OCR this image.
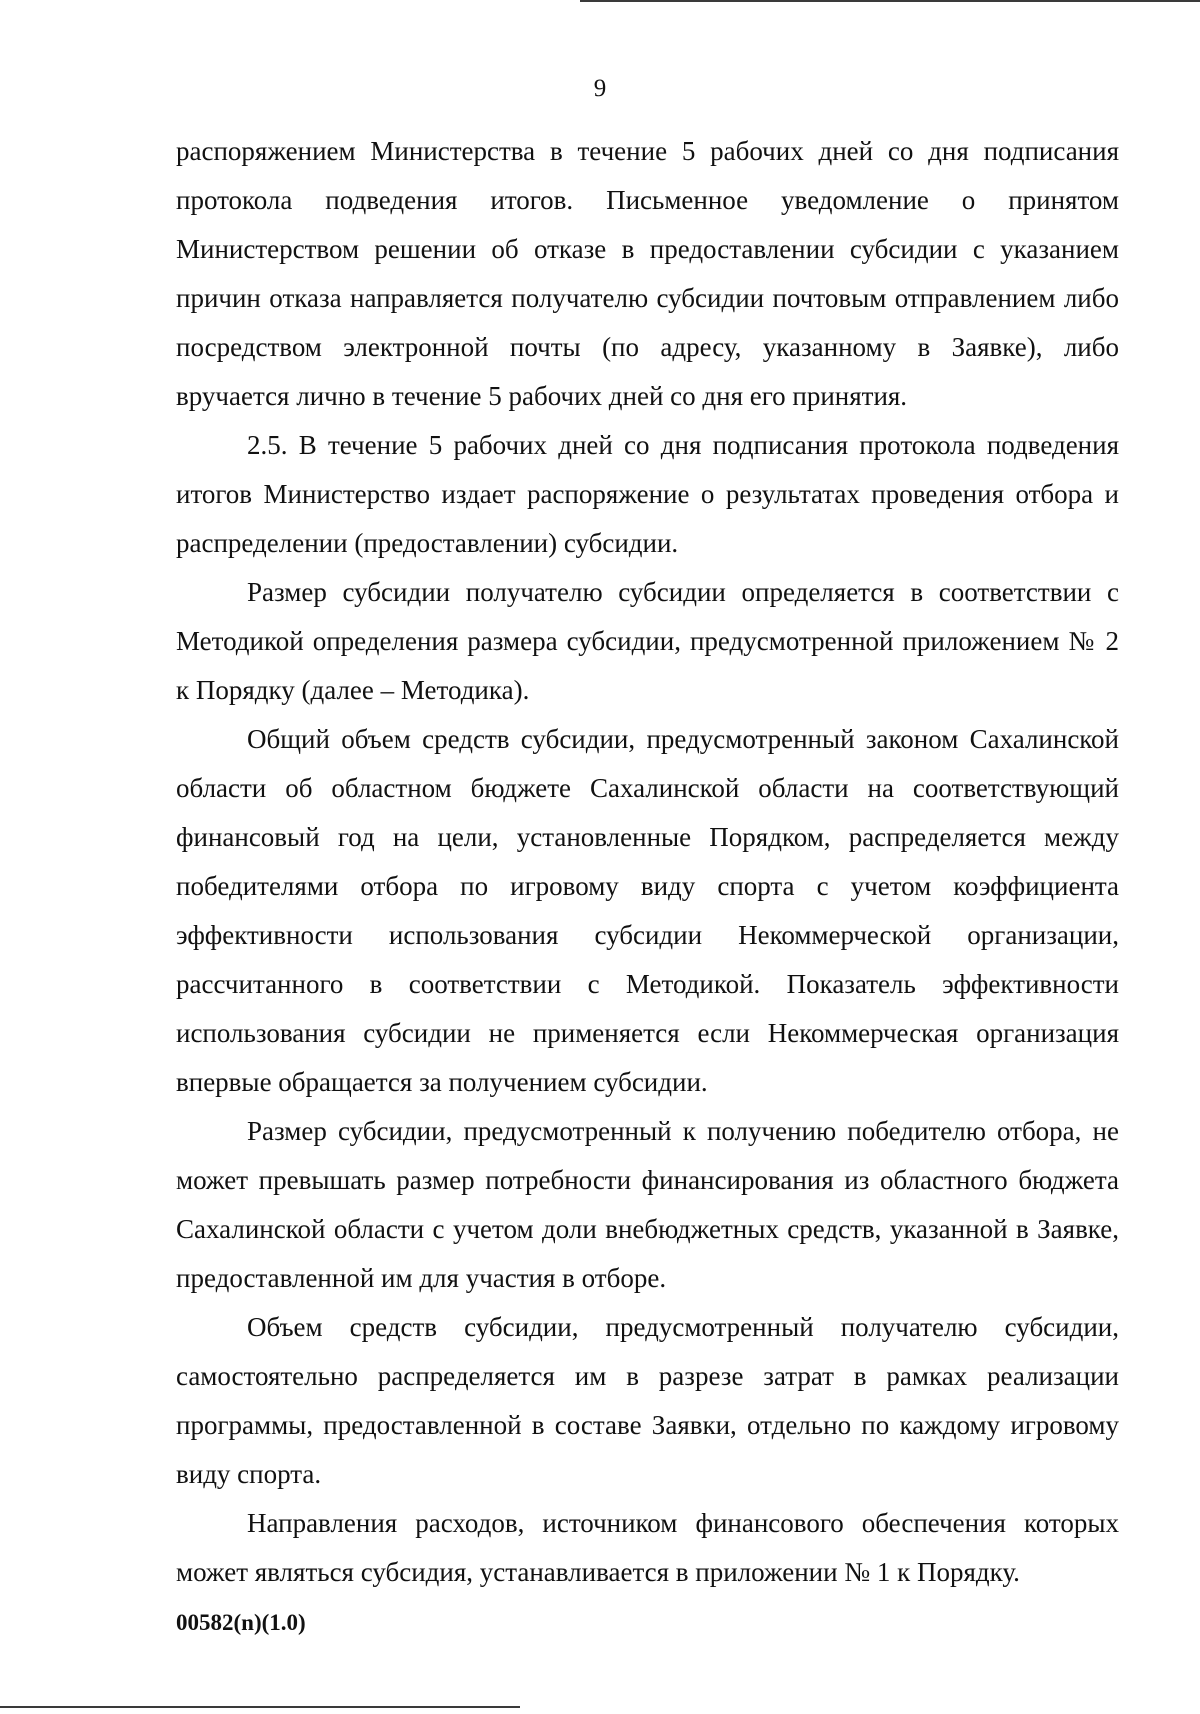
9

распоряжением Министерства в течение 5 рабочих дней со дня подписания протокола подведения итогов. Письменное уведомление о принятом Министерством решении об отказе в предоставлении субсидии с указанием причин отказа направляется получателю субсидии почтовым отправлением либо посредством электронной почты (по адресу, указанному в Заявке), либо вручается лично в течение 5 рабочих дней со дня его принятия.

2.5. В течение 5 рабочих дней со дня подписания протокола подведения итогов Министерство издает распоряжение о результатах проведения отбора и распределении (предоставлении) субсидии.

Размер субсидии получателю субсидии определяется в соответствии с Методикой определения размера субсидии, предусмотренной приложением № 2 к Порядку (далее – Методика).

Общий объем средств субсидии, предусмотренный законом Сахалинской области об областном бюджете Сахалинской области на соответствующий финансовый год на цели, установленные Порядком, распределяется между победителями отбора по игровому виду спорта с учетом коэффициента эффективности использования субсидии Некоммерческой организации, рассчитанного в соответствии с Методикой. Показатель эффективности использования субсидии не применяется если Некоммерческая организация впервые обращается за получением субсидии.

Размер субсидии, предусмотренный к получению победителю отбора, не может превышать размер потребности финансирования из областного бюджета Сахалинской области с учетом доли внебюджетных средств, указанной в Заявке, предоставленной им для участия в отборе.

Объем средств субсидии, предусмотренный получателю субсидии, самостоятельно распределяется им в разрезе затрат в рамках реализации программы, предоставленной в составе Заявки, отдельно по каждому игровому виду спорта.

Направления расходов, источником финансового обеспечения которых может являться субсидия, устанавливается в приложении № 1 к Порядку.

00582(n)(1.0)
